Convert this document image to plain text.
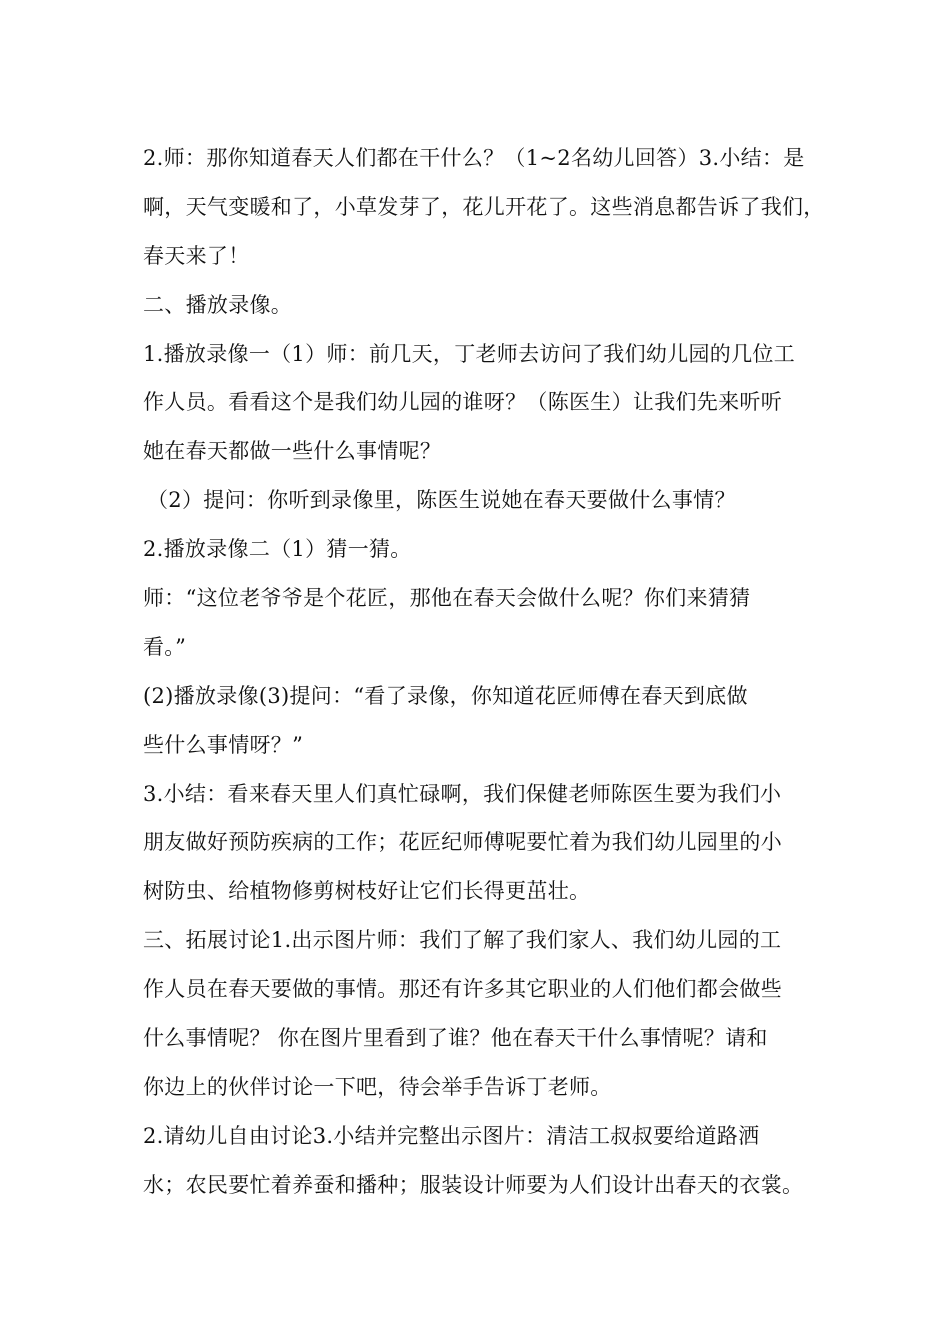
2.师：那你知道春天人们都在干什么？（1~2名幼儿回答）3.小结：是
啊，天气变暖和了，小草发芽了，花儿开花了。这些消息都告诉了我们，
春天来了！
二、播放录像。
1.播放录像一（1）师：前几天，丁老师去访问了我们幼儿园的几位工
作人员。看看这个是我们幼儿园的谁呀？（陈医生）让我们先来听听
她在春天都做一些什么事情呢？
（2）提问：你听到录像里，陈医生说她在春天要做什么事情？
2.播放录像二（1）猜一猜。
师：“这位老爷爷是个花匠，那他在春天会做什么呢？你们来猜猜
看。”
(2)播放录像(3)提问：“看了录像，你知道花匠师傅在春天到底做
些什么事情呀？”
3.小结：看来春天里人们真忙碌啊，我们保健老师陈医生要为我们小
朋友做好预防疾病的工作；花匠纪师傅呢要忙着为我们幼儿园里的小
树防虫、给植物修剪树枝好让它们长得更茁壮。
三、拓展讨论1.出示图片师：我们了解了我们家人、我们幼儿园的工
作人员在春天要做的事情。那还有许多其它职业的人们他们都会做些
什么事情呢？ 你在图片里看到了谁？他在春天干什么事情呢？请和
你边上的伙伴讨论一下吧，待会举手告诉丁老师。
2.请幼儿自由讨论3.小结并完整出示图片：清洁工叔叔要给道路洒
水；农民要忙着养蚕和播种；服装设计师要为人们设计出春天的衣裳。
